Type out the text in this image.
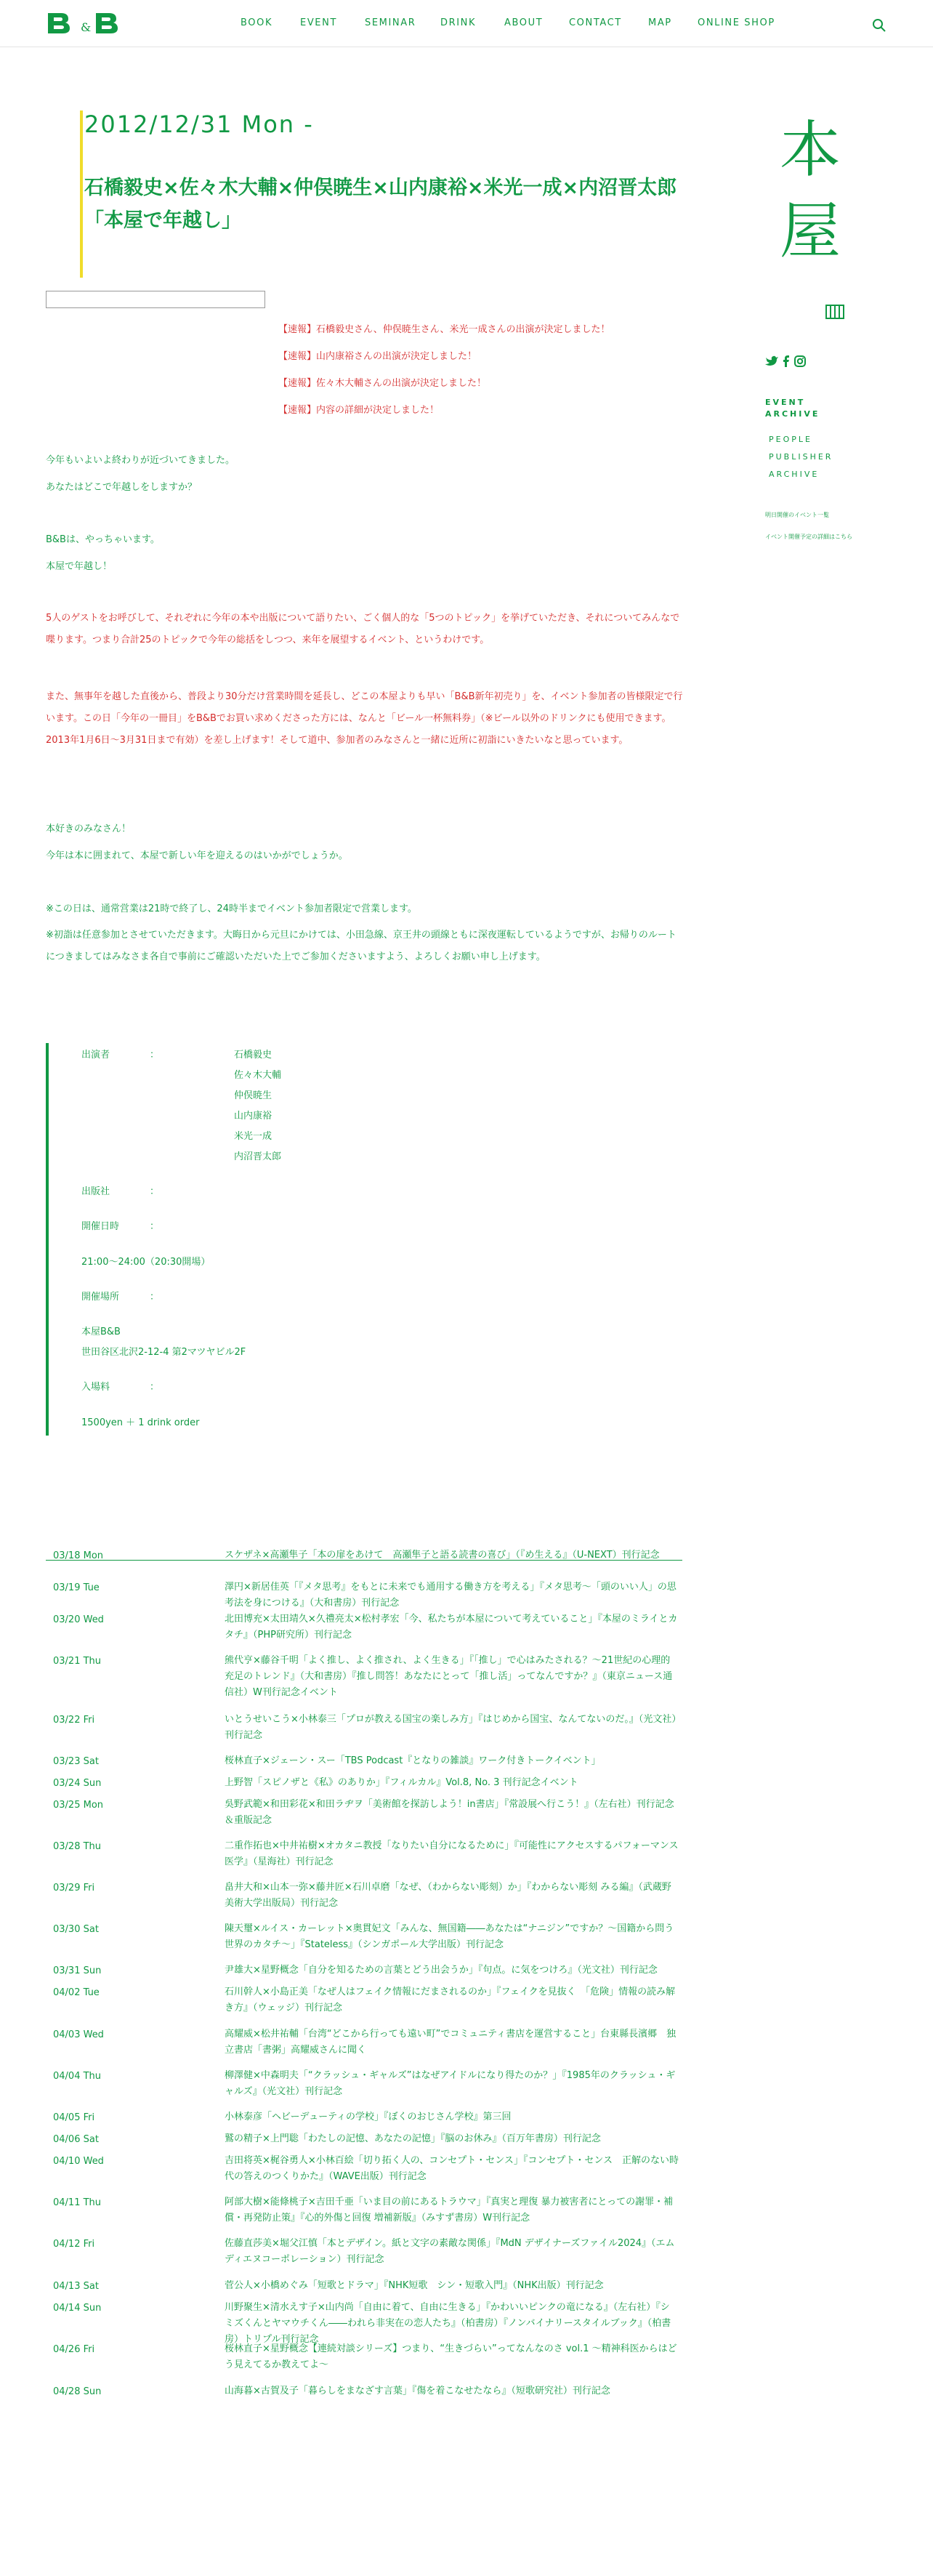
&	BOOK	EVENT	SEMINAR	DRINK	ABOUT	CONTACT	MAP	ONLINE SHOP
2012/12/31 Mon -
石橋毅史×佐々木大輔×仲俣暁生×山内康裕×米光一成×内沼晋太郎「本屋で年越し」
本
屋
EVENT
ARCHIVE
PEOPLE
PUBLISHER
ARCHIVE
明日開催のイベント一覧
イベント開催予定の詳細はこちら
【速報】石橋毅史さん、仲俣暁生さん、米光一成さんの出演が決定しました！
【速報】山内康裕さんの出演が決定しました！
【速報】佐々木大輔さんの出演が決定しました！
【速報】内容の詳細が決定しました！
今年もいよいよ終わりが近づいてきました。
あなたはどこで年越しをしますか？
B&Bは、やっちゃいます。
本屋で年越し！
5人のゲストをお呼びして、それぞれに今年の本や出版について語りたい、ごく個人的な「5つのトピック」を挙げていただき、それについてみんなで喋ります。つまり合計25のトピックで今年の総括をしつつ、来年を展望するイベント、というわけです。
また、無事年を越した直後から、普段より30分だけ営業時間を延長し、どこの本屋よりも早い「B&B新年初売り」を、イベント参加者の皆様限定で行います。この日「今年の一冊目」をB&Bでお買い求めくださった方には、なんと「ビール一杯無料券」（※ビール以外のドリンクにも使用できます。2013年1月6日〜3月31日まで有効）を差し上げます！そして道中、参加者のみなさんと一緒に近所に初詣にいきたいなと思っています。
本好きのみなさん！
今年は本に囲まれて、本屋で新しい年を迎えるのはいかがでしょうか。
※この日は、通常営業は21時で終了し、24時半までイベント参加者限定で営業します。
※初詣は任意参加とさせていただきます。大晦日から元旦にかけては、小田急線、京王井の頭線ともに深夜運転しているようですが、お帰りのルートにつきましてはみなさま各自で事前にご確認いただいた上でご参加くださいますよう、よろしくお願い申し上げます。
出演者	：	石橋毅史
佐々木大輔
仲俣暁生
山内康裕
米光一成
内沼晋太郎
出版社	：
開催日時	：
21:00〜24:00（20:30開場）
開催場所	：
本屋B&B
世田谷区北沢2-12-4 第2マツヤビル2F
入場料	：
1500yen ＋ 1 drink order
03/18 Mon	スケザネ×高瀬隼子「本の扉をあけて　高瀬隼子と語る読書の喜び」（『め生える』（U-NEXT）刊行記念
03/19 Tue	澤円×新居佳英「『メタ思考』をもとに未来でも通用する働き方を考える」『メタ思考〜「頭のいい人」の思考法を身につける』（大和書房）刊行記念
03/20 Wed	北田博充×太田靖久×久禮亮太×松村孝宏「今、私たちが本屋について考えていること」『本屋のミライとカタチ』（PHP研究所）刊行記念
03/21 Thu	熊代亨×藤谷千明「よく推し、よく推され、よく生きる」『「推し」で心はみたされる？〜21世紀の心理的充足のトレンド』（大和書房）『推し問答！あなたにとって「推し活」ってなんですか？』（東京ニュース通信社）W刊行記念イベント
03/22 Fri	いとうせいこう×小林泰三「プロが教える国宝の楽しみ方」『はじめから国宝、なんてないのだ。』（光文社）刊行記念
03/23 Sat	桜林直子×ジェーン・スー「TBS Podcast『となりの雑談』ワーク付きトークイベント」
03/24 Sun	上野智「スピノザと《私》のありか」『フィルカル』Vol.8, No. 3 刊行記念イベント
03/25 Mon	吳野武範×和田彩花×和田ラヂヲ「美術館を探訪しよう！in書店」『常設展へ行こう！』（左右社）刊行記念＆重版記念
03/28 Thu	二重作拓也×中井祐樹×オカタニ教授「なりたい自分になるために」『可能性にアクセスするパフォーマンス医学』（星海社）刊行記念
03/29 Fri	畠井大和×山本一弥×藤井匠×石川卓磨「なぜ、（わからない彫刻）か」『わからない彫刻 みる編』（武蔵野美術大学出版局）刊行記念
03/30 Sat	陳天璽×ルイス・カーレット×奥貫妃文「みんな、無国籍――あなたは“ナニジン”ですか？〜国籍から問う世界のカタチ〜」『Stateless』（シンガポール大学出版）刊行記念
03/31 Sun	尹雄大×星野概念「自分を知るための言葉とどう出会うか」『句点。に気をつけろ』（光文社）刊行記念
04/02 Tue	石川幹人×小島正美「なぜ人はフェイク情報にだまされるのか」『フェイクを見抜く　「危険」情報の読み解き方』（ウェッジ）刊行記念
04/03 Wed	高耀威×松井祐輔「台湾“どこから行っても遠い町”でコミュニティ書店を運営すること」台東縣長濱郷　独立書店「書粥」高耀威さんに聞く
04/04 Thu	柳澤健×中森明夫「“クラッシュ・ギャルズ”はなぜアイドルになり得たのか？」『1985年のクラッシュ・ギャルズ』（光文社）刊行記念
04/05 Fri	小林泰彦「ヘビーデューティの学校」『ぼくのおじさん学校』第三回
04/06 Sat	鷲の精子×上門聡「わたしの記憶、あなたの記憶」『脳のお休み』（百万年書房）刊行記念
04/10 Wed	吉田将英×梶谷勇人×小林百絵「切り拓く人の、コンセプト・センス」『コンセプト・センス　正解のない時代の答えのつくりかた』（WAVE出版）刊行記念
04/11 Thu	阿部大樹×能條桃子×吉田千亜「いま目の前にあるトラウマ」『真実と理復 暴力被害者にとっての謝罪・補償・再発防止策』『心的外傷と回復 増補新版』（みすず書房）W刊行記念
04/12 Fri	佐藤直莎美×堀父江慎「本とデザイン。紙と文字の素敵な関係」『MdN デザイナーズファイル2024』（エムディエヌコーポレーション）刊行記念
04/13 Sat	菅公人×小橋めぐみ「短歌とドラマ」『NHK短歌　シン・短歌入門』（NHK出版）刊行記念
04/14 Sun	川野聚生×清水えす子×山内尚「自由に着て、自由に生きる」『かわいいピンクの竜になる』（左右社）『シミズくんとヤマウチくん――われら非実在の恋人たち』（柏書房）『ノンバイナリースタイルブック』（柏書房）トリプル刊行記念
04/26 Fri	桜林直子×星野概念【連続対談シリーズ】つまり、“生きづらい”ってなんなのさ vol.1 〜精神科医からはどう見えてるか教えてよ〜
04/28 Sun	山海暮×古賀及子「暮らしをまなざす言葉」『傷を着こなせたなら』（短歌研究社）刊行記念
